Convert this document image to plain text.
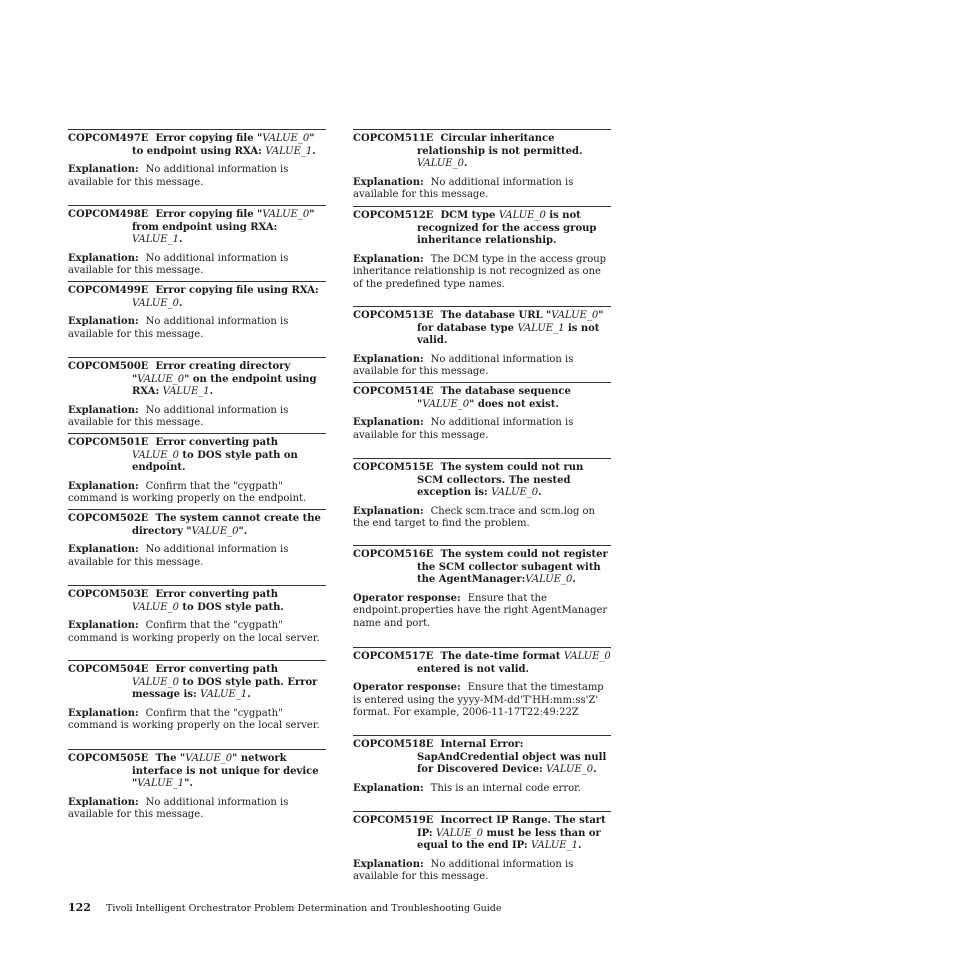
COPCOM497E Error copying file "VALUE_0" to endpoint using RXA: VALUE_1.
Explanation: No additional information is available for this message.
COPCOM498E Error copying file "VALUE_0" from endpoint using RXA: VALUE_1.
Explanation: No additional information is available for this message.
COPCOM499E Error copying file using RXA: VALUE_0.
Explanation: No additional information is available for this message.
COPCOM500E Error creating directory "VALUE_0" on the endpoint using RXA: VALUE_1.
Explanation: No additional information is available for this message.
COPCOM501E Error converting path VALUE_0 to DOS style path on endpoint.
Explanation: Confirm that the "cygpath" command is working properly on the endpoint.
COPCOM502E The system cannot create the directory "VALUE_0".
Explanation: No additional information is available for this message.
COPCOM503E Error converting path VALUE_0 to DOS style path.
Explanation: Confirm that the "cygpath" command is working properly on the local server.
COPCOM504E Error converting path VALUE_0 to DOS style path. Error message is: VALUE_1.
Explanation: Confirm that the "cygpath" command is working properly on the local server.
COPCOM505E The "VALUE_0" network interface is not unique for device "VALUE_1".
Explanation: No additional information is available for this message.
COPCOM511E Circular inheritance relationship is not permitted. VALUE_0.
Explanation: No additional information is available for this message.
COPCOM512E DCM type VALUE_0 is not recognized for the access group inheritance relationship.
Explanation: The DCM type in the access group inheritance relationship is not recognized as one of the predefined type names.
COPCOM513E The database URL "VALUE_0" for database type VALUE_1 is not valid.
Explanation: No additional information is available for this message.
COPCOM514E The database sequence "VALUE_0" does not exist.
Explanation: No additional information is available for this message.
COPCOM515E The system could not run SCM collectors. The nested exception is: VALUE_0.
Explanation: Check scm.trace and scm.log on the end target to find the problem.
COPCOM516E The system could not register the SCM collector subagent with the AgentManager:VALUE_0.
Operator response: Ensure that the endpoint.properties have the right AgentManager name and port.
COPCOM517E The date-time format VALUE_0 entered is not valid.
Operator response: Ensure that the timestamp is entered using the yyyy-MM-dd'T'HH:mm:ss'Z' format. For example, 2006-11-17T22:49:22Z
COPCOM518E Internal Error: SapAndCredential object was null for Discovered Device: VALUE_0.
Explanation: This is an internal code error.
COPCOM519E Incorrect IP Range. The start IP: VALUE_0 must be less than or equal to the end IP: VALUE_1.
Explanation: No additional information is available for this message.
122 Tivoli Intelligent Orchestrator Problem Determination and Troubleshooting Guide
